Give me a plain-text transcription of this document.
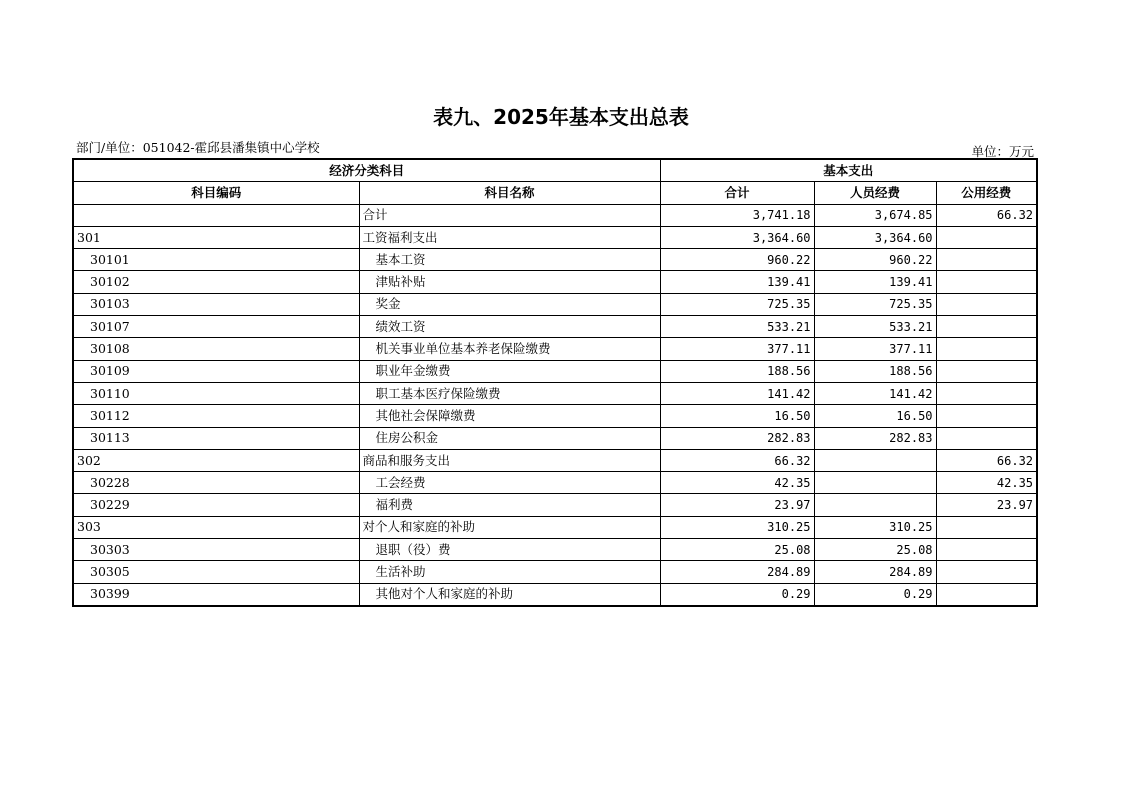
表九、2025年基本支出总表
部门/单位：051042-霍邱县潘集镇中心学校	单位：万元
经济分类科目		基本支出		
科目编码	科目名称	合计	人员经费	公用经费
	合计	3,741.18	3,674.85	66.32
301	工资福利支出	3,364.60	3,364.60	
30101	基本工资	960.22	960.22	
30102	津贴补贴	139.41	139.41	
30103	奖金	725.35	725.35	
30107	绩效工资	533.21	533.21	
30108	机关事业单位基本养老保险缴费	377.11	377.11	
30109	职业年金缴费	188.56	188.56	
30110	职工基本医疗保险缴费	141.42	141.42	
30112	其他社会保障缴费	16.50	16.50	
30113	住房公积金	282.83	282.83	
302	商品和服务支出	66.32		66.32
30228	工会经费	42.35		42.35
30229	福利费	23.97		23.97
303	对个人和家庭的补助	310.25	310.25	
30303	退职（役）费	25.08	25.08	
30305	生活补助	284.89	284.89	
30399	其他对个人和家庭的补助	0.29	0.29	
